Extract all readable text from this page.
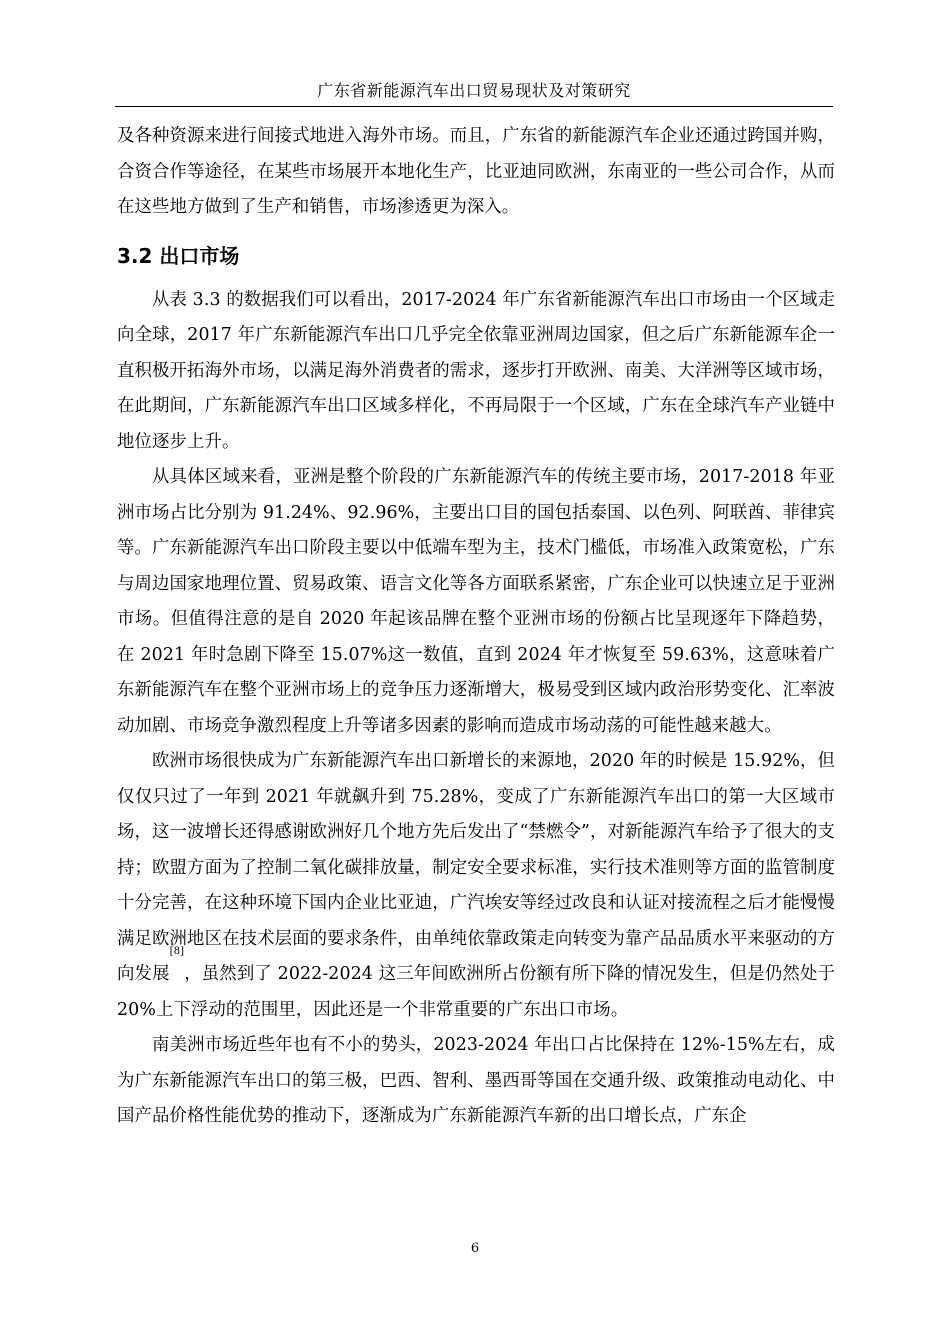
广东省新能源汽车出口贸易现状及对策研究

及各种资源来进行间接式地进入海外市场。而且，广东省的新能源汽车企业还通过跨国并购，合资合作等途径，在某些市场展开本地化生产，比亚迪同欧洲，东南亚的一些公司合作，从而在这些地方做到了生产和销售，市场渗透更为深入。

3.2 出口市场

从表 3.3 的数据我们可以看出，2017-2024 年广东省新能源汽车出口市场由一个区域走向全球，2017 年广东新能源汽车出口几乎完全依靠亚洲周边国家，但之后广东新能源车企一直积极开拓海外市场，以满足海外消费者的需求，逐步打开欧洲、南美、大洋洲等区域市场，在此期间，广东新能源汽车出口区域多样化，不再局限于一个区域，广东在全球汽车产业链中地位逐步上升。

从具体区域来看，亚洲是整个阶段的广东新能源汽车的传统主要市场，2017-2018 年亚洲市场占比分别为 91.24%、92.96%，主要出口目的国包括泰国、以色列、阿联酋、菲律宾等。广东新能源汽车出口阶段主要以中低端车型为主，技术门槛低，市场准入政策宽松，广东与周边国家地理位置、贸易政策、语言文化等各方面联系紧密，广东企业可以快速立足于亚洲市场。但值得注意的是自 2020 年起该品牌在整个亚洲市场的份额占比呈现逐年下降趋势，在 2021 年时急剧下降至 15.07%这一数值，直到 2024 年才恢复至 59.63%，这意味着广东新能源汽车在整个亚洲市场上的竞争压力逐渐增大，极易受到区域内政治形势变化、汇率波动加剧、市场竞争激烈程度上升等诸多因素的影响而造成市场动荡的可能性越来越大。

欧洲市场很快成为广东新能源汽车出口新增长的来源地，2020 年的时候是 15.92%，但仅仅只过了一年到 2021 年就飙升到 75.28%，变成了广东新能源汽车出口的第一大区域市场，这一波增长还得感谢欧洲好几个地方先后发出了“禁燃令”，对新能源汽车给予了很大的支持；欧盟方面为了控制二氧化碳排放量，制定安全要求标准，实行技术准则等方面的监管制度十分完善，在这种环境下国内企业比亚迪，广汽埃安等经过改良和认证对接流程之后才能慢慢满足欧洲地区在技术层面的要求条件，由单纯依靠政策走向转变为靠产品品质水平来驱动的方向发展[8]，虽然到了 2022-2024 这三年间欧洲所占份额有所下降的情况发生，但是仍然处于 20%上下浮动的范围里，因此还是一个非常重要的广东出口市场。

南美洲市场近些年也有不小的势头，2023-2024 年出口占比保持在 12%-15%左右，成为广东新能源汽车出口的第三极，巴西、智利、墨西哥等国在交通升级、政策推动电动化、中国产品价格性能优势的推动下，逐渐成为广东新能源汽车新的出口增长点，广东企

6
